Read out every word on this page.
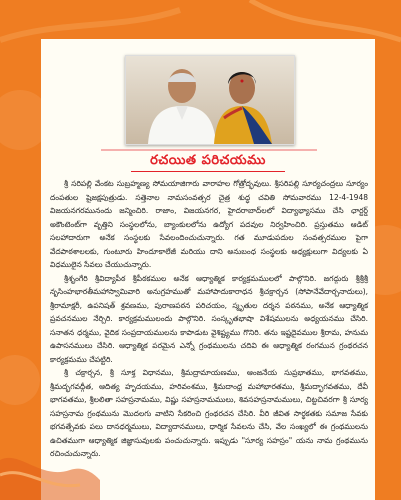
రచయిత పరిచయము

శ్రీ సరిపల్లి వేంకట సుబ్రహ్మణ్య సోమయాజిగారు వారాహల గోత్రోద్భవులు. శ్రీసరిపల్లి సూర్యచంద్రలు సూర్యం దంపతుల షైజక్షపుత్రుడు. సత్తెనాల నామసంవత్సర చైత్ర శుద్ధ చవితి సోమవారము 12-4-1948 విజయనగరమునందు జన్మించిరి. రాజాం, విజయనగర, హైదరాబాద్‌లలో విద్యాభ్యాసము చేసి ఛార్టర్డ్ అకౌంటెంట్‌గా వృత్తిని సంస్థలలోను, బ్యాంకులలోను ఉద్యోగ పదవుల నిర్వహించిరి. ప్రస్తుతము ఆడిట్ సలహాదారుగా అనేక సంస్థలకు సేవలందించుచున్నారు. గత మూడుపదుల సంవత్సరముల పైగా వేదపాఠశాలలకు, గుంటూరు హిందూకాలేజీ మరియు దాని అనుబంధ సంస్థలకు అధ్యక్షులుగా విద్యలకు ఏ విధములైన సేవలు చేయుచున్నారు.

శ్రీశృంగేరి శ్రీవిద్యాపీఠ శ్రీపీఠకముల అనేక ఆధ్యాత్మిక కార్యక్రమములలో పాల్గొనిరి. జగద్గురు శ్రీశ్రీశ్రీ నృసింహభారతీమహాస్వామివారి అనుగ్రహముతో మహాపాదుకారాధన శ్రీచక్రార్చన (సోపానేవేదార్చనాదులు), శ్రీరామాక్షరీ, ఉపనిషత్ శ్రవణము, పురాణపఠన పరిచయం, స్మృతుల దర్శన పఠనము, అనేక ఆధ్యాత్మిక ప్రవచనముల నేర్చిరి. కార్యక్రమములందు పాల్గొనిరి. సంస్కృతభాషా విశేషములను అధ్యయనము చేసిరి. సనాతన ధర్మము, వైదిక సంప్రదాయములను కాపాడుట వైశిష్ట్యము గొనిరి. తను ఇష్టదైవముల శ్రీరామ, హనుమ ఉపాసనములు చేసిరి. ఆధ్యాత్మిక పరమైన ఎన్నో గ్రంథములను చదివి ఈ ఆధ్యాత్మిక రంగమున గ్రంథరచన కార్యక్రమము చేపట్టిరి.

శ్రీ చక్రార్చన, శ్రీ సూక్త విధానము, శ్రీమద్రామాయణము, ఆంజనేయ సుప్రభాతము, భాగవతము, శ్రీమద్భగవద్గీత, ఆదిత్య హృదయము, హరివంశము, శ్రీమదాంధ్ర మహాభారతము, శ్రీమద్భాగవతము, దేవీ భాగవతము, శ్రీలలితా సహస్రనామము, విష్ణు సహస్రనామములు, శివసహస్రనామములు, చిట్టచివరగా శ్రీ సూర్య సహస్రనామ గ్రంథమును మొదలగు వాటిని సేకరించి గ్రంథరచన చేసిరి. వీరి జీవిత సార్థకతకు సమాజ సేవకు భగవత్సేవకు పలు దానధర్మములు, విద్యాదానములు, ధార్మిక సేవలను చేసి, వేల సంఖ్యలో ఈ గ్రంథములను ఉచితముగా ఆధ్యాత్మిక జిజ్ఞాసువులకు పంచుచున్నారు. ఇప్పుడు "సూర్య సహస్రం" యను నామ గ్రంథమును రచించుచున్నారు.
